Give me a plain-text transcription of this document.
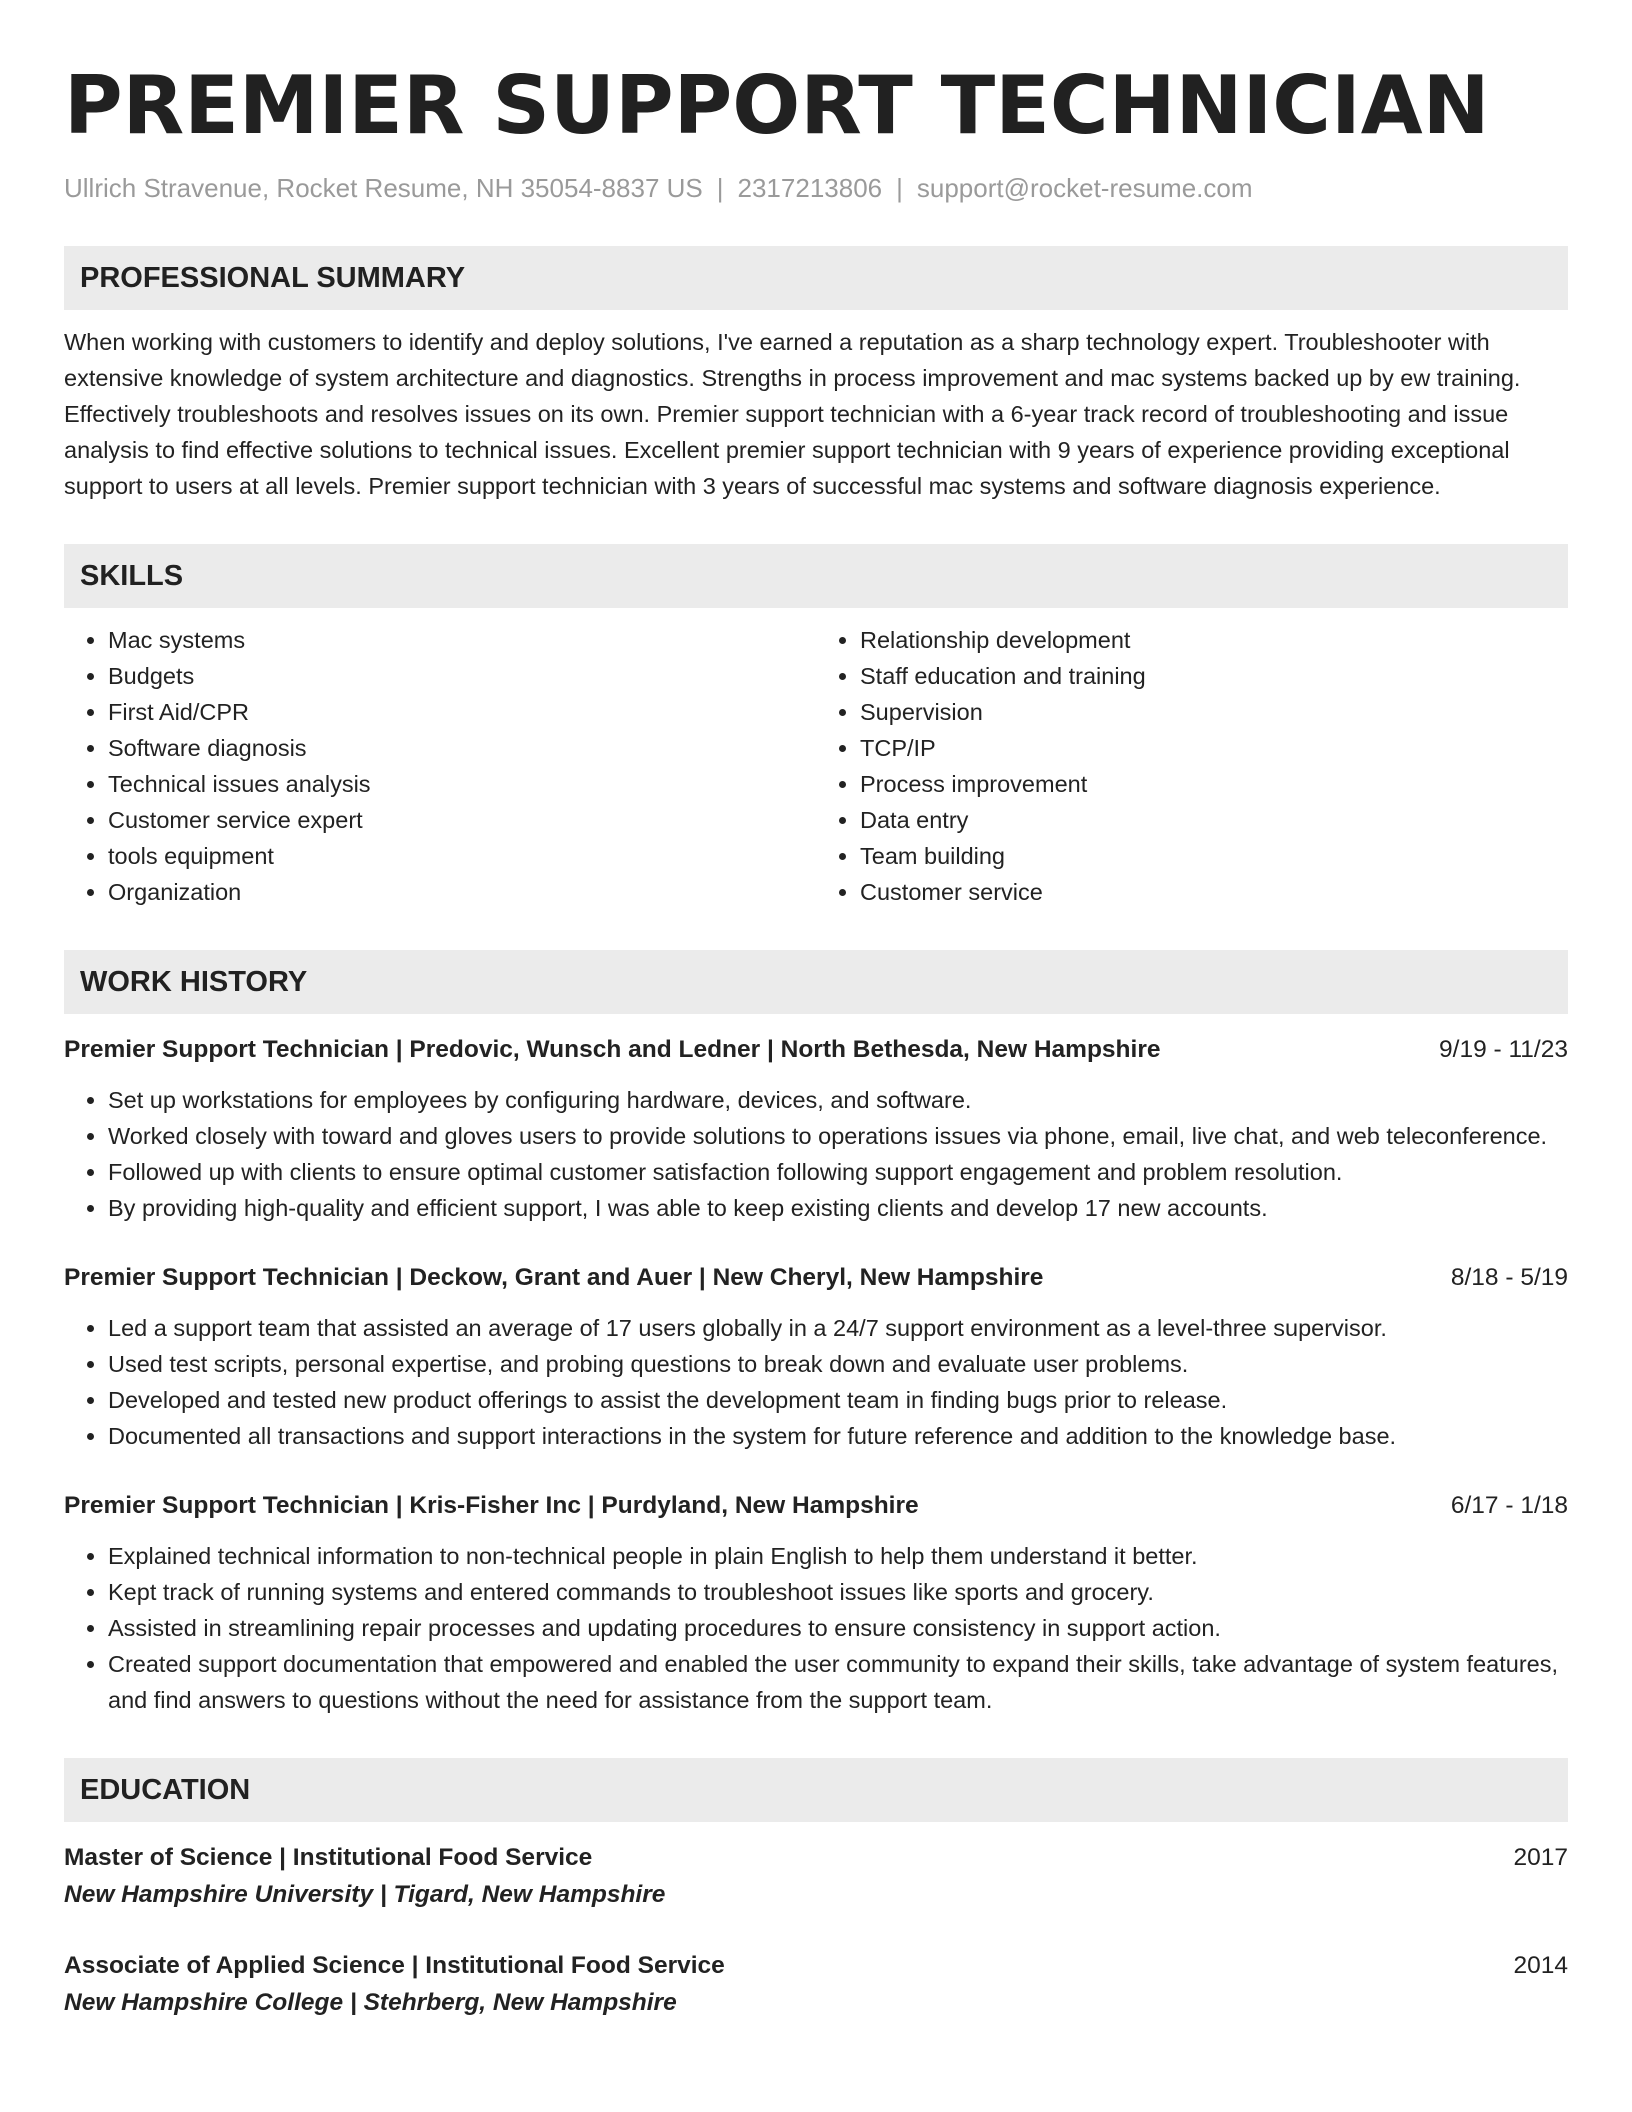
PREMIER SUPPORT TECHNICIAN
Ullrich Stravenue, Rocket Resume, NH 35054-8837 US | 2317213806 | support@rocket-resume.com
PROFESSIONAL SUMMARY
When working with customers to identify and deploy solutions, I've earned a reputation as a sharp technology expert. Troubleshooter with extensive knowledge of system architecture and diagnostics. Strengths in process improvement and mac systems backed up by ew training. Effectively troubleshoots and resolves issues on its own. Premier support technician with a 6-year track record of troubleshooting and issue analysis to find effective solutions to technical issues. Excellent premier support technician with 9 years of experience providing exceptional support to users at all levels. Premier support technician with 3 years of successful mac systems and software diagnosis experience.
SKILLS
• Mac systems
• Budgets
• First Aid/CPR
• Software diagnosis
• Technical issues analysis
• Customer service expert
• tools equipment
• Organization
• Relationship development
• Staff education and training
• Supervision
• TCP/IP
• Process improvement
• Data entry
• Team building
• Customer service
WORK HISTORY
Premier Support Technician | Predovic, Wunsch and Ledner | North Bethesda, New Hampshire	9/19 - 11/23
• Set up workstations for employees by configuring hardware, devices, and software.
• Worked closely with toward and gloves users to provide solutions to operations issues via phone, email, live chat, and web teleconference.
• Followed up with clients to ensure optimal customer satisfaction following support engagement and problem resolution.
• By providing high-quality and efficient support, I was able to keep existing clients and develop 17 new accounts.
Premier Support Technician | Deckow, Grant and Auer | New Cheryl, New Hampshire	8/18 - 5/19
• Led a support team that assisted an average of 17 users globally in a 24/7 support environment as a level-three supervisor.
• Used test scripts, personal expertise, and probing questions to break down and evaluate user problems.
• Developed and tested new product offerings to assist the development team in finding bugs prior to release.
• Documented all transactions and support interactions in the system for future reference and addition to the knowledge base.
Premier Support Technician | Kris-Fisher Inc | Purdyland, New Hampshire	6/17 - 1/18
• Explained technical information to non-technical people in plain English to help them understand it better.
• Kept track of running systems and entered commands to troubleshoot issues like sports and grocery.
• Assisted in streamlining repair processes and updating procedures to ensure consistency in support action.
• Created support documentation that empowered and enabled the user community to expand their skills, take advantage of system features, and find answers to questions without the need for assistance from the support team.
EDUCATION
Master of Science | Institutional Food Service	2017
New Hampshire University | Tigard, New Hampshire
Associate of Applied Science | Institutional Food Service	2014
New Hampshire College | Stehrberg, New Hampshire
